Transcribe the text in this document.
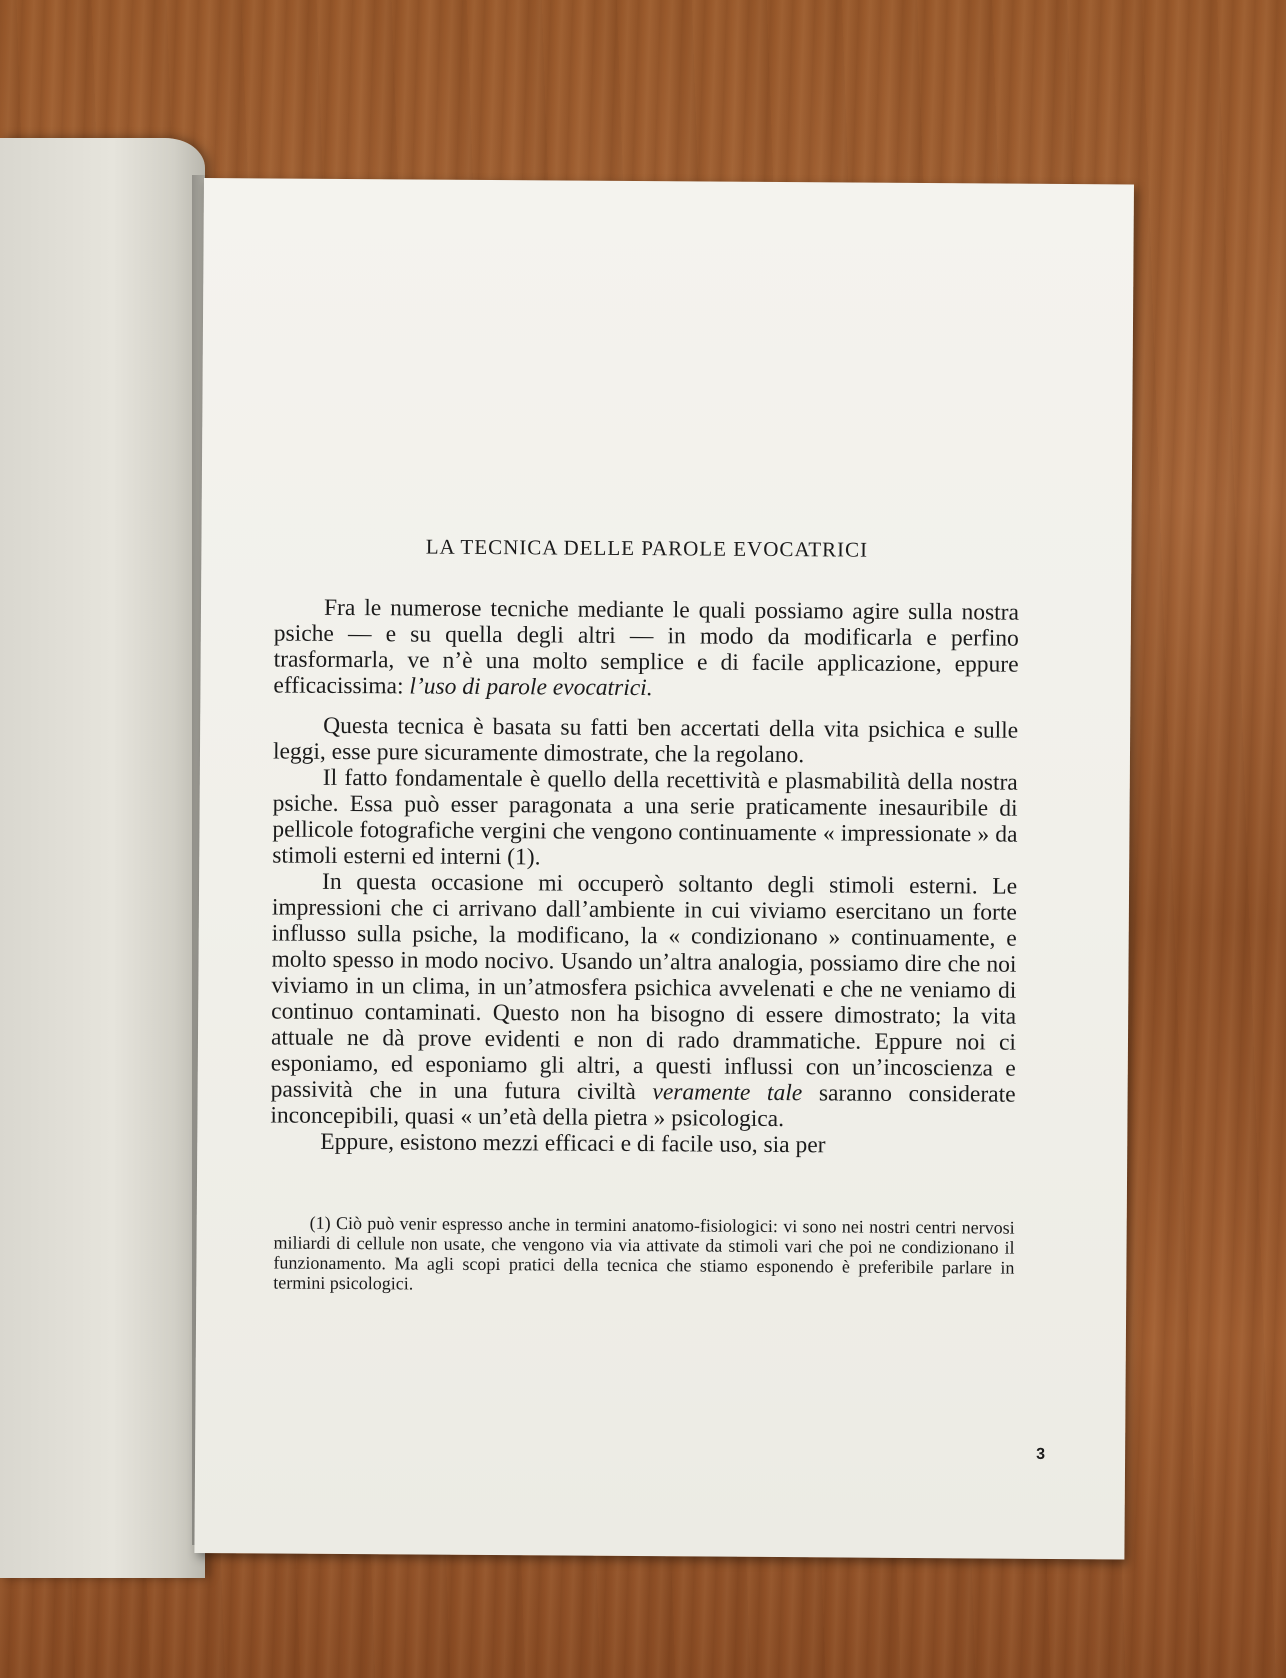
LA TECNICA DELLE PAROLE EVOCATRICI

Fra le numerose tecniche mediante le quali possiamo agire sulla nostra psiche — e su quella degli altri — in modo da modificarla e perfino trasformarla, ve n’è una molto semplice e di facile applicazione, eppure efficacissima: l’uso di parole evocatrici.

Questa tecnica è basata su fatti ben accertati della vita psichica e sulle leggi, esse pure sicuramente dimostrate, che la regolano.

Il fatto fondamentale è quello della recettività e plasmabilità della nostra psiche. Essa può esser paragonata a una serie praticamente inesauribile di pellicole fotografiche vergini che vengono continuamente « impressionate » da stimoli esterni ed interni (1).

In questa occasione mi occuperò soltanto degli stimoli esterni. Le impressioni che ci arrivano dall’ambiente in cui viviamo esercitano un forte influsso sulla psiche, la modificano, la « condizionano » continuamente, e molto spesso in modo nocivo. Usando un’altra analogia, possiamo dire che noi viviamo in un clima, in un’atmosfera psichica avvelenati e che ne veniamo di continuo contaminati. Questo non ha bisogno di essere dimostrato; la vita attuale ne dà prove evidenti e non di rado drammatiche. Eppure noi ci esponiamo, ed esponiamo gli altri, a questi influssi con un’incoscienza e passività che in una futura civiltà veramente tale saranno considerate inconcepibili, quasi « un’età della pietra » psicologica.

Eppure, esistono mezzi efficaci e di facile uso, sia per

(1) Ciò può venir espresso anche in termini anatomo-fisiologici: vi sono nei nostri centri nervosi miliardi di cellule non usate, che vengono via via attivate da stimoli vari che poi ne condizionano il funzionamento. Ma agli scopi pratici della tecnica che stiamo esponendo è preferibile parlare in termini psicologici.

3
